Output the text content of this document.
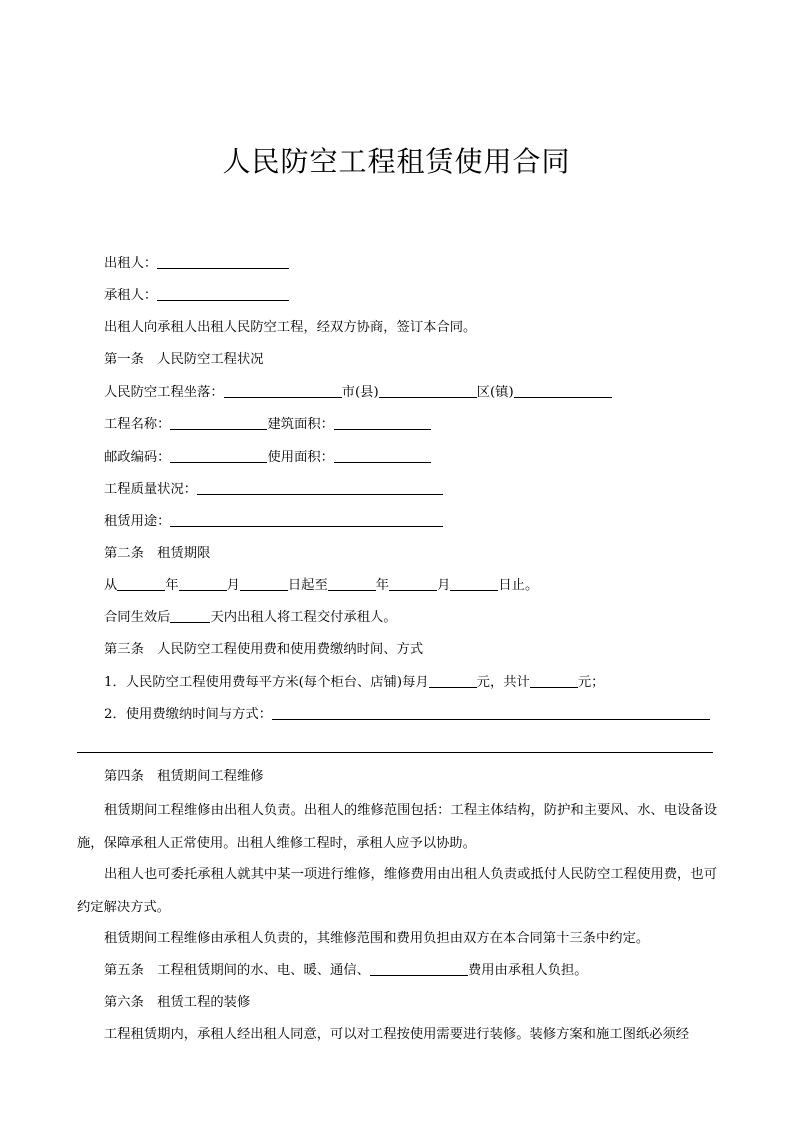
人民防空工程租赁使用合同
出租人：
承租人：
出租人向承租人出租人民防空工程，经双方协商，签订本合同。
第一条　人民防空工程状况
人民防空工程坐落：	市(县)	区(镇)
工程名称：	建筑面积：
邮政编码：	使用面积：
工程质量状况：
租赁用途：
第二条　租赁期限
从	年	月	日起至	年	月	日止。
合同生效后	天内出租人将工程交付承租人。
第三条　人民防空工程使用费和使用费缴纳时间、方式
1．人民防空工程使用费每平方米(每个柜台、店铺)每月	元，共计	元；
2．使用费缴纳时间与方式：
第四条　租赁期间工程维修
租赁期间工程维修由出租人负责。出租人的维修范围包括：工程主体结构，防护和主要风、水、电设备设施，保障承租人正常使用。出租人维修工程时，承租人应予以协助。
出租人也可委托承租人就其中某一项进行维修，维修费用由出租人负责或抵付人民防空工程使用费，也可约定解决方式。
租赁期间工程维修由承租人负责的，其维修范围和费用负担由双方在本合同第十三条中约定。
第五条　工程租赁期间的水、电、暖、通信、	费用由承租人负担。
第六条　租赁工程的装修
工程租赁期内，承租人经出租人同意，可以对工程按使用需要进行装修。装修方案和施工图纸必须经
